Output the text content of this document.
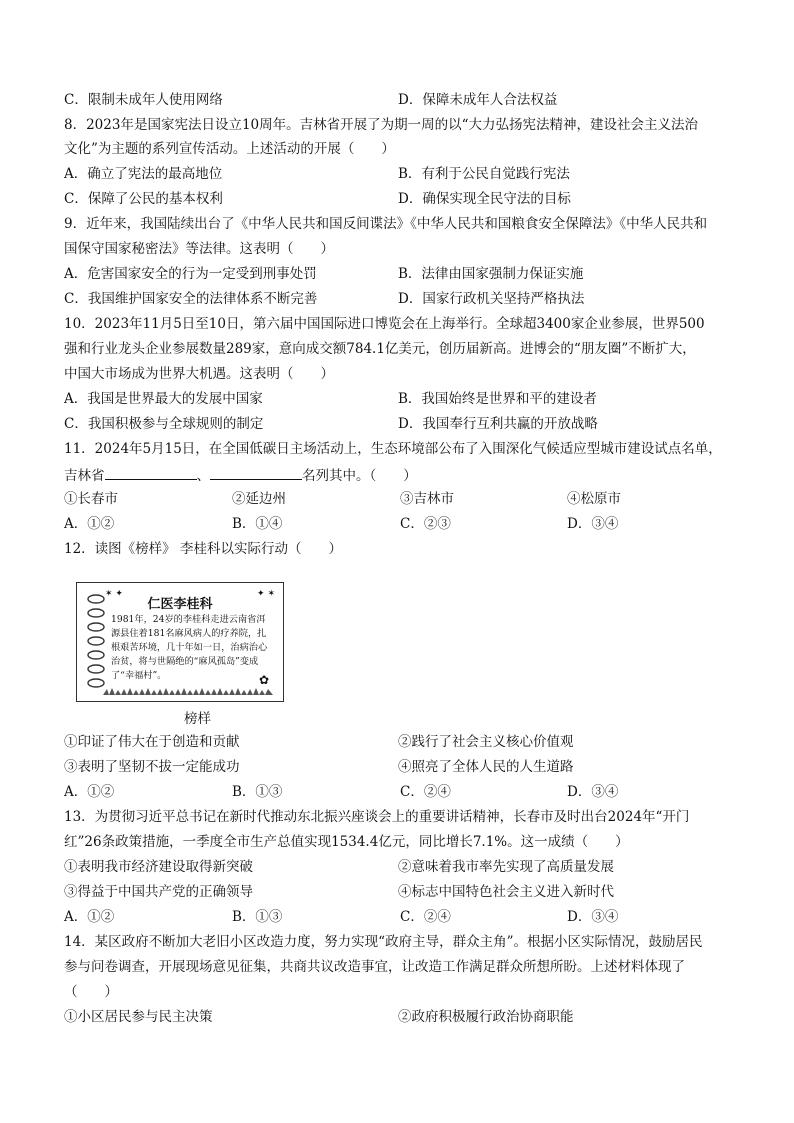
C．限制未成年人使用网络	D．保障未成年人合法权益
8．2023年是国家宪法日设立10周年。吉林省开展了为期一周的以“大力弘扬宪法精神，建设社会主义法治
文化”为主题的系列宣传活动。上述活动的开展（　　）
A．确立了宪法的最高地位	B．有利于公民自觉践行宪法
C．保障了公民的基本权利	D．确保实现全民守法的目标
9．近年来，我国陆续出台了《中华人民共和国反间谍法》《中华人民共和国粮食安全保障法》《中华人民共和
国保守国家秘密法》等法律。这表明（　　）
A．危害国家安全的行为一定受到刑事处罚	B．法律由国家强制力保证实施
C．我国维护国家安全的法律体系不断完善	D．国家行政机关坚持严格执法
10．2023年11月5日至10日，第六届中国国际进口博览会在上海举行。全球超3400家企业参展，世界500
强和行业龙头企业参展数量289家，意向成交额784.1亿美元，创历届新高。进博会的“朋友圈”不断扩大，
中国大市场成为世界大机遇。这表明（　　）
A．我国是世界最大的发展中国家	B．我国始终是世界和平的建设者
C．我国积极参与全球规则的制定	D．我国奉行互利共赢的开放战略
11．2024年5月15日，在全国低碳日主场活动上，生态环境部公布了入围深化气候适应型城市建设试点名单，
吉林省	、	名列其中。（　　）
①长春市	②延边州	③吉林市	④松原市
A．①②	B．①④	C．②③	D．③④
12．读图《榜样》 李桂科以实际行动（　　）
✶ ✦	✦ ✶
仁医李桂科
1981年，24岁的李桂科走进云南省洱源县住着181名麻风病人的疗养院，扎根艰苦环境，几十年如一日，治病治心治贫，将与世隔绝的“麻风孤岛”变成了“幸福村”。	✿
榜样
①印证了伟大在于创造和贡献	②践行了社会主义核心价值观
③表明了坚韧不拔一定能成功	④照亮了全体人民的人生道路
A．①②	B．①③	C．②④	D．③④
13．为贯彻习近平总书记在新时代推动东北振兴座谈会上的重要讲话精神，长春市及时出台2024年“开门
红”26条政策措施，一季度全市生产总值实现1534.4亿元，同比增长7.1%。这一成绩（　　）
①表明我市经济建设取得新突破	②意味着我市率先实现了高质量发展
③得益于中国共产党的正确领导	④标志中国特色社会主义进入新时代
A．①②	B．①③	C．②④	D．③④
14．某区政府不断加大老旧小区改造力度，努力实现“政府主导，群众主角”。根据小区实际情况，鼓励居民
参与问卷调查，开展现场意见征集，共商共议改造事宜，让改造工作满足群众所想所盼。上述材料体现了
（　　）
①小区居民参与民主决策	②政府积极履行政治协商职能
